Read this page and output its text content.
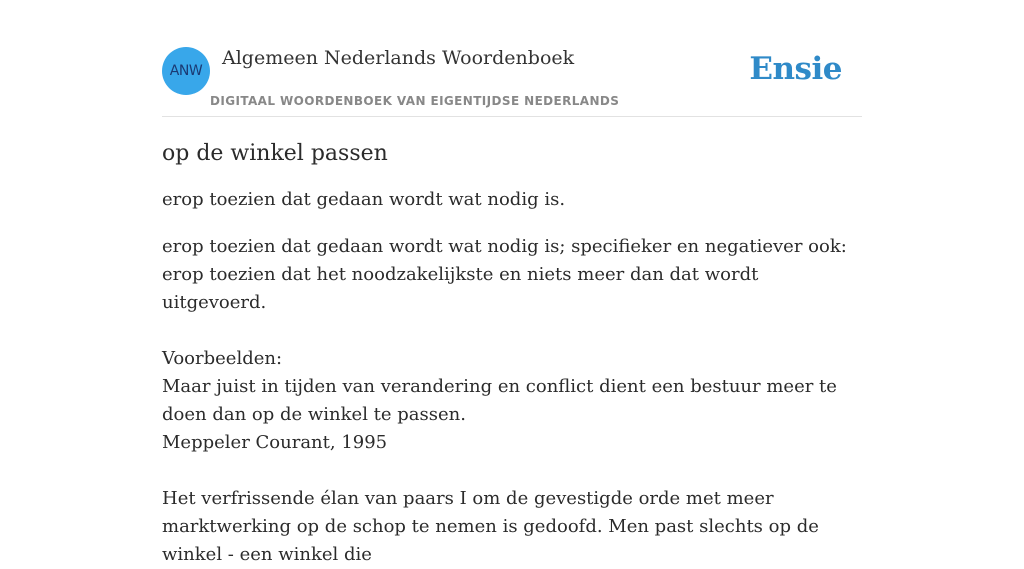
ANW
Algemeen Nederlands Woordenboek
DIGITAAL WOORDENBOEK VAN EIGENTIJDSE NEDERLANDS
Ensie
op de winkel passen

erop toezien dat gedaan wordt wat nodig is.

erop toezien dat gedaan wordt wat nodig is; specifieker en negatiever ook: erop toezien dat het noodzakelijkste en niets meer dan dat wordt uitgevoerd.
Voorbeelden:
Maar juist in tijden van verandering en conflict dient een bestuur meer te doen dan op de winkel te passen.
Meppeler Courant, 1995
Het verfrissende élan van paars I om de gevestigde orde met meer marktwerking op de schop te nemen is gedoofd. Men past slechts op de winkel - een winkel die
